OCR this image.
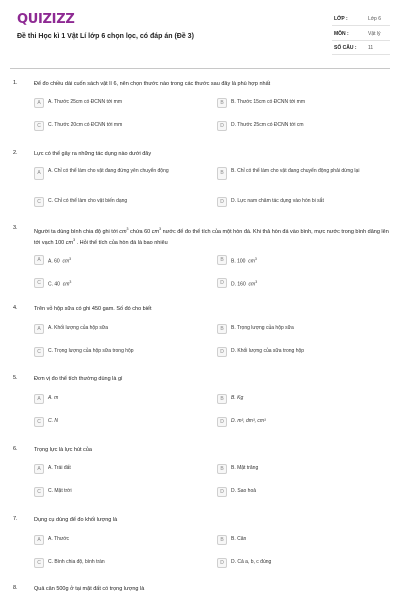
QUIZIZZ
Đề thi Học kì 1 Vật Lí lớp 6 chọn lọc, có đáp án (Đề 3)
LỚP :	Lớp 6
MÔN :	Vật lý
SỐ CÂU : 11
1.	Để đo chiều dài cuốn sách vật lí 6, nên chọn thước nào trong các thước sau đây là phù hợp nhất
A	A. Thước 25cm có ĐCNN tới mm	B	B. Thước 15cm có ĐCNN tới mm
C	C. Thước 20cm có ĐCNN tới mm	D	D. Thước 25cm có ĐCNN tới cm
2.	Lực có thể gây ra những tác dụng nào dưới đây
A	A. Chỉ có thể làm cho vật đang đứng yên chuyển động	B	B. Chỉ có thể làm cho vật đang chuyển động phải dừng lại
C	C. Chỉ có thể làm cho vật biến dạng	D	D. Lực nam châm tác dụng vào hòn bi sắt
3.
Người ta dùng bình chia độ ghi tới $cm^3$ chứa 60 $cm^3$ nước để đo thể tích của một hòn đá. Khi thả hòn đá vào bình, mực nước trong bình dâng lên tới vạch 100 $cm^3$ . Hỏi thể tích của hòn đá là bao nhiêu
A	A. 60 $cm^3$	B	B. 100 $cm^3$
C	C. 40 $cm^3$	D	D. 160 $cm^3$
4.	Trên vỏ hộp sữa có ghi 450 gam. Số đó cho biết
A	A. Khối lượng của hộp sữa	B	B. Trọng lượng của hộp sữa
C	C. Trọng lượng của hộp sữa trong hộp	D	D. Khối lượng của sữa trong hộp
5.	Đơn vị đo thể tích thường dùng là gì
A	A. m	B	B. Kg
C	C. N	D	D. m³, dm³, cm³
6.	Trọng lực là lực hút của
A	A. Trái đất	B	B. Mặt trăng
C	C. Mặt trời	D	D. Sao hoả
7.	Dụng cụ dùng để đo khối lượng là
A	A. Thước	B	B. Cân
C	C. Bình chia độ, bình tràn	D	D. Cả a, b, c đúng
8.	Quả cân 500g ở tại mặt đất có trọng lượng là
